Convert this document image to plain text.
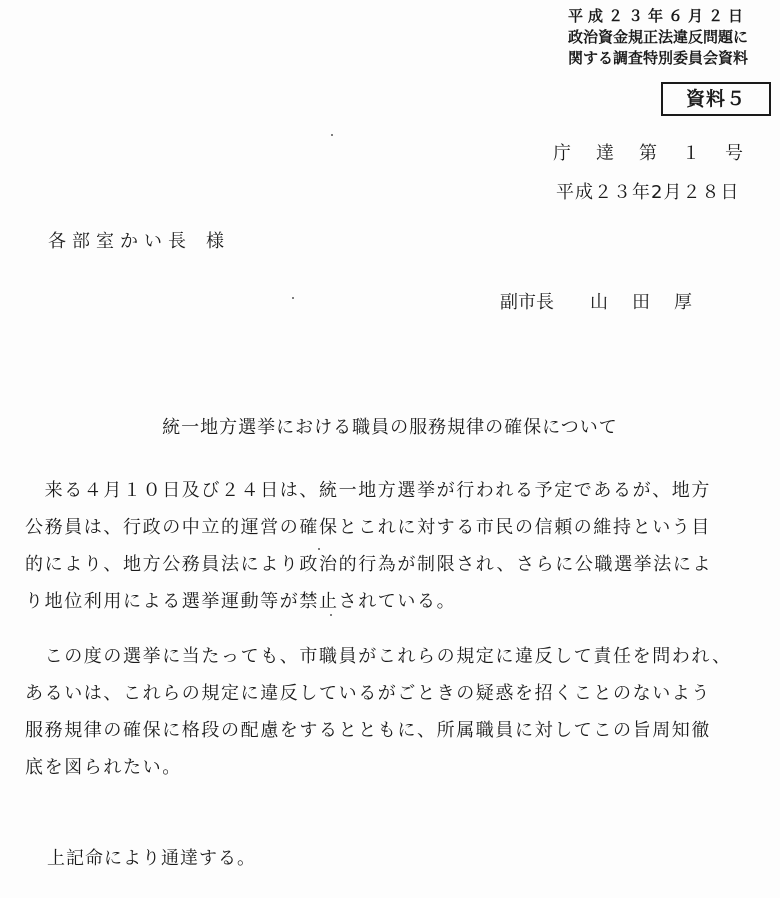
平成２３年６月２日
政治資金規正法違反問題に
関する調査特別委員会資料
資料５
庁 達 第 １ 号
平成２３年2月２８日
各部室かい長 様
副市長 山田厚
統一地方選挙における職員の服務規律の確保について
　来る４月１０日及び２４日は、統一地方選挙が行われる予定であるが、地方
公務員は、行政の中立的運営の確保とこれに対する市民の信頼の維持という目
的により、地方公務員法により政治的行為が制限され、さらに公職選挙法によ
り地位利用による選挙運動等が禁止されている。
　この度の選挙に当たっても、市職員がこれらの規定に違反して責任を問われ、
あるいは、これらの規定に違反しているがごときの疑惑を招くことのないよう
服務規律の確保に格段の配慮をするとともに、所属職員に対してこの旨周知徹
底を図られたい。
上記命により通達する。
